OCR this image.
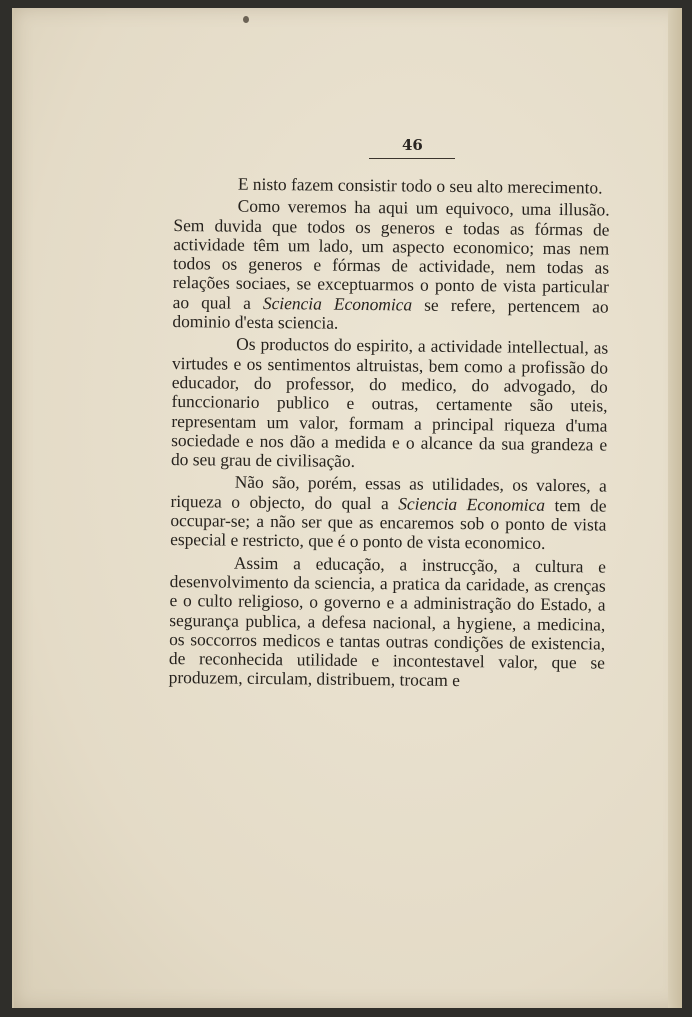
46

E nisto fazem consistir todo o seu alto merecimento.

Como veremos ha aqui um equivoco, uma illusão. Sem duvida que todos os generos e todas as fórmas de actividade têm um lado, um aspecto economico; mas nem todos os generos e fórmas de actividade, nem todas as relações sociaes, se exceptuarmos o ponto de vista particular ao qual a Sciencia Economica se refere, pertencem ao dominio d'esta sciencia.

Os productos do espirito, a actividade intellectual, as virtudes e os sentimentos altruistas, bem como a profissão do educador, do professor, do medico, do advogado, do funccionario publico e outras, certamente são uteis, representam um valor, formam a principal riqueza d'uma sociedade e nos dão a medida e o alcance da sua grandeza e do seu grau de civilisação.

Não são, porém, essas as utilidades, os valores, a riqueza o objecto, do qual a Sciencia Economica tem de occupar-se; a não ser que as encaremos sob o ponto de vista especial e restricto, que é o ponto de vista economico.

Assim a educação, a instrucção, a cultura e desenvolvimento da sciencia, a pratica da caridade, as crenças e o culto religioso, o governo e a administração do Estado, a segurança publica, a defesa nacional, a hygiene, a medicina, os soccorros medicos e tantas outras condições de existencia, de reconhecida utilidade e incontestavel valor, que se produzem, circulam, distribuem, trocam e
